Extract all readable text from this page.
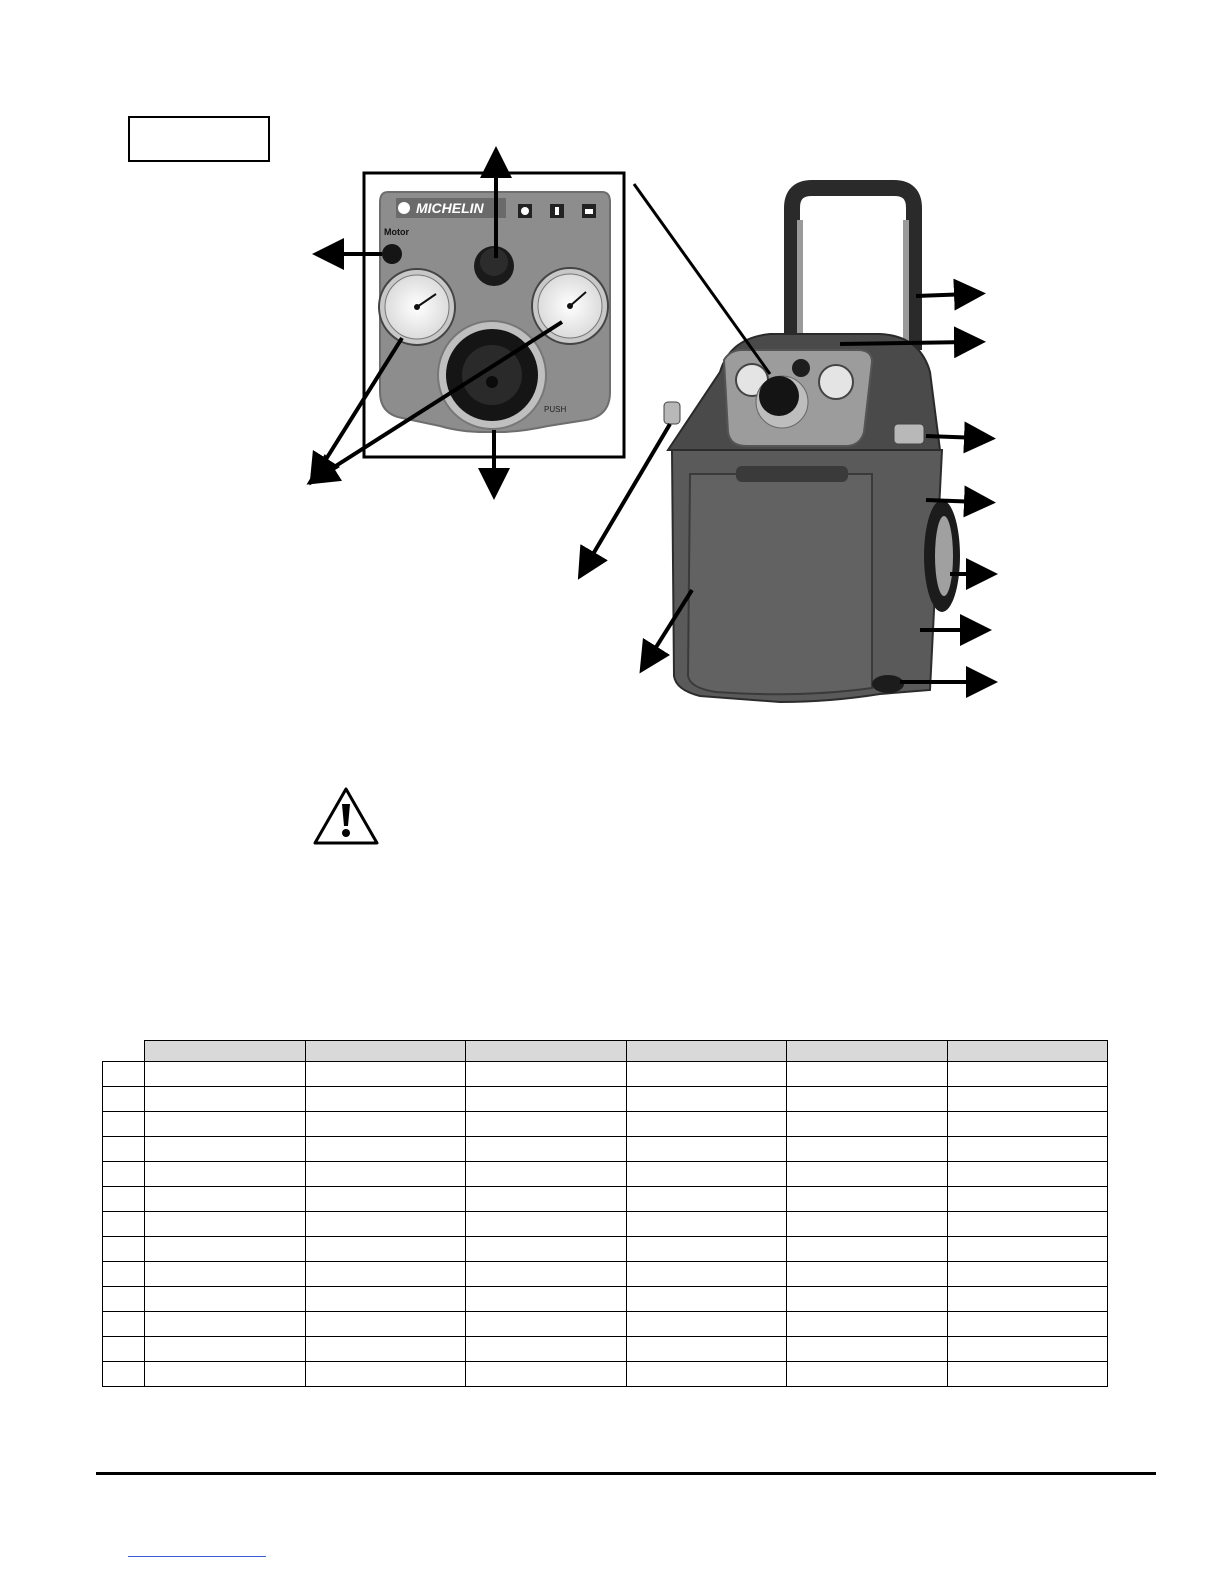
MICHELIN
Motor
PUSH
